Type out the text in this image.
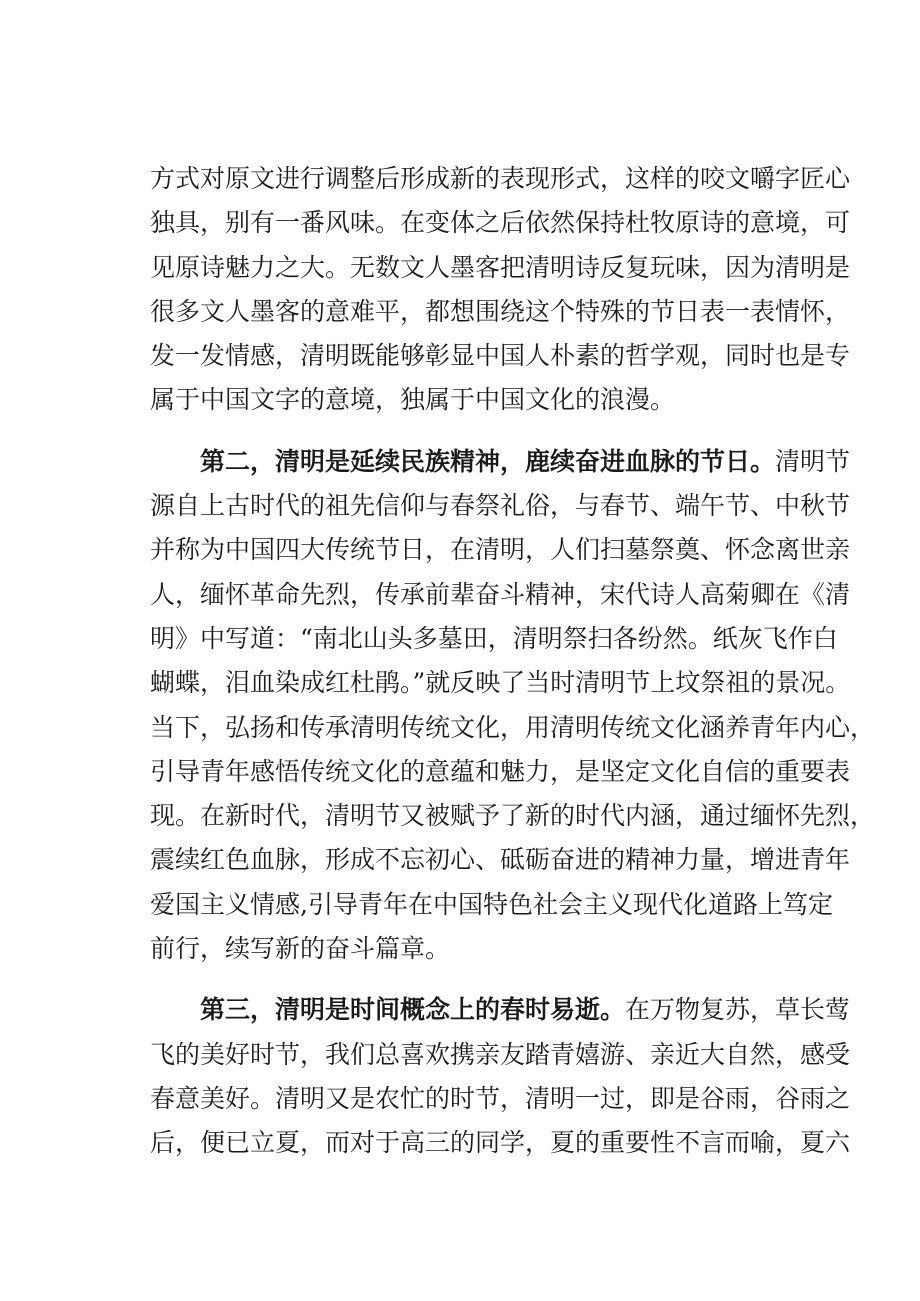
方式对原文进行调整后形成新的表现形式，这样的咬文嚼字匠心
独具，别有一番风味。在变体之后依然保持杜牧原诗的意境，可
见原诗魅力之大。无数文人墨客把清明诗反复玩味，因为清明是
很多文人墨客的意难平，都想围绕这个特殊的节日表一表情怀，
发一发情感，清明既能够彰显中国人朴素的哲学观，同时也是专
属于中国文字的意境，独属于中国文化的浪漫。
第二，清明是延续民族精神，鹿续奋进血脉的节日。清明节
源自上古时代的祖先信仰与春祭礼俗，与春节、端午节、中秋节
并称为中国四大传统节日，在清明，人们扫墓祭奠、怀念离世亲
人，缅怀革命先烈，传承前辈奋斗精神，宋代诗人高菊卿在《清
明》中写道：“南北山头多墓田，清明祭扫各纷然。纸灰飞作白
蝴蝶，泪血染成红杜鹃。”就反映了当时清明节上坟祭祖的景况。
当下，弘扬和传承清明传统文化，用清明传统文化涵养青年内心，
引导青年感悟传统文化的意蕴和魅力，是坚定文化自信的重要表
现。在新时代，清明节又被赋予了新的时代内涵，通过缅怀先烈，
震续红色血脉，形成不忘初心、砥砺奋进的精神力量，增进青年
爱国主义情感,引导青年在中国特色社会主义现代化道路上笃定
前行，续写新的奋斗篇章。
第三，清明是时间概念上的春时易逝。在万物复苏，草长莺
飞的美好时节，我们总喜欢携亲友踏青嬉游、亲近大自然，感受
春意美好。清明又是农忙的时节，清明一过，即是谷雨，谷雨之
后，便已立夏，而对于高三的同学，夏的重要性不言而喻，夏六
